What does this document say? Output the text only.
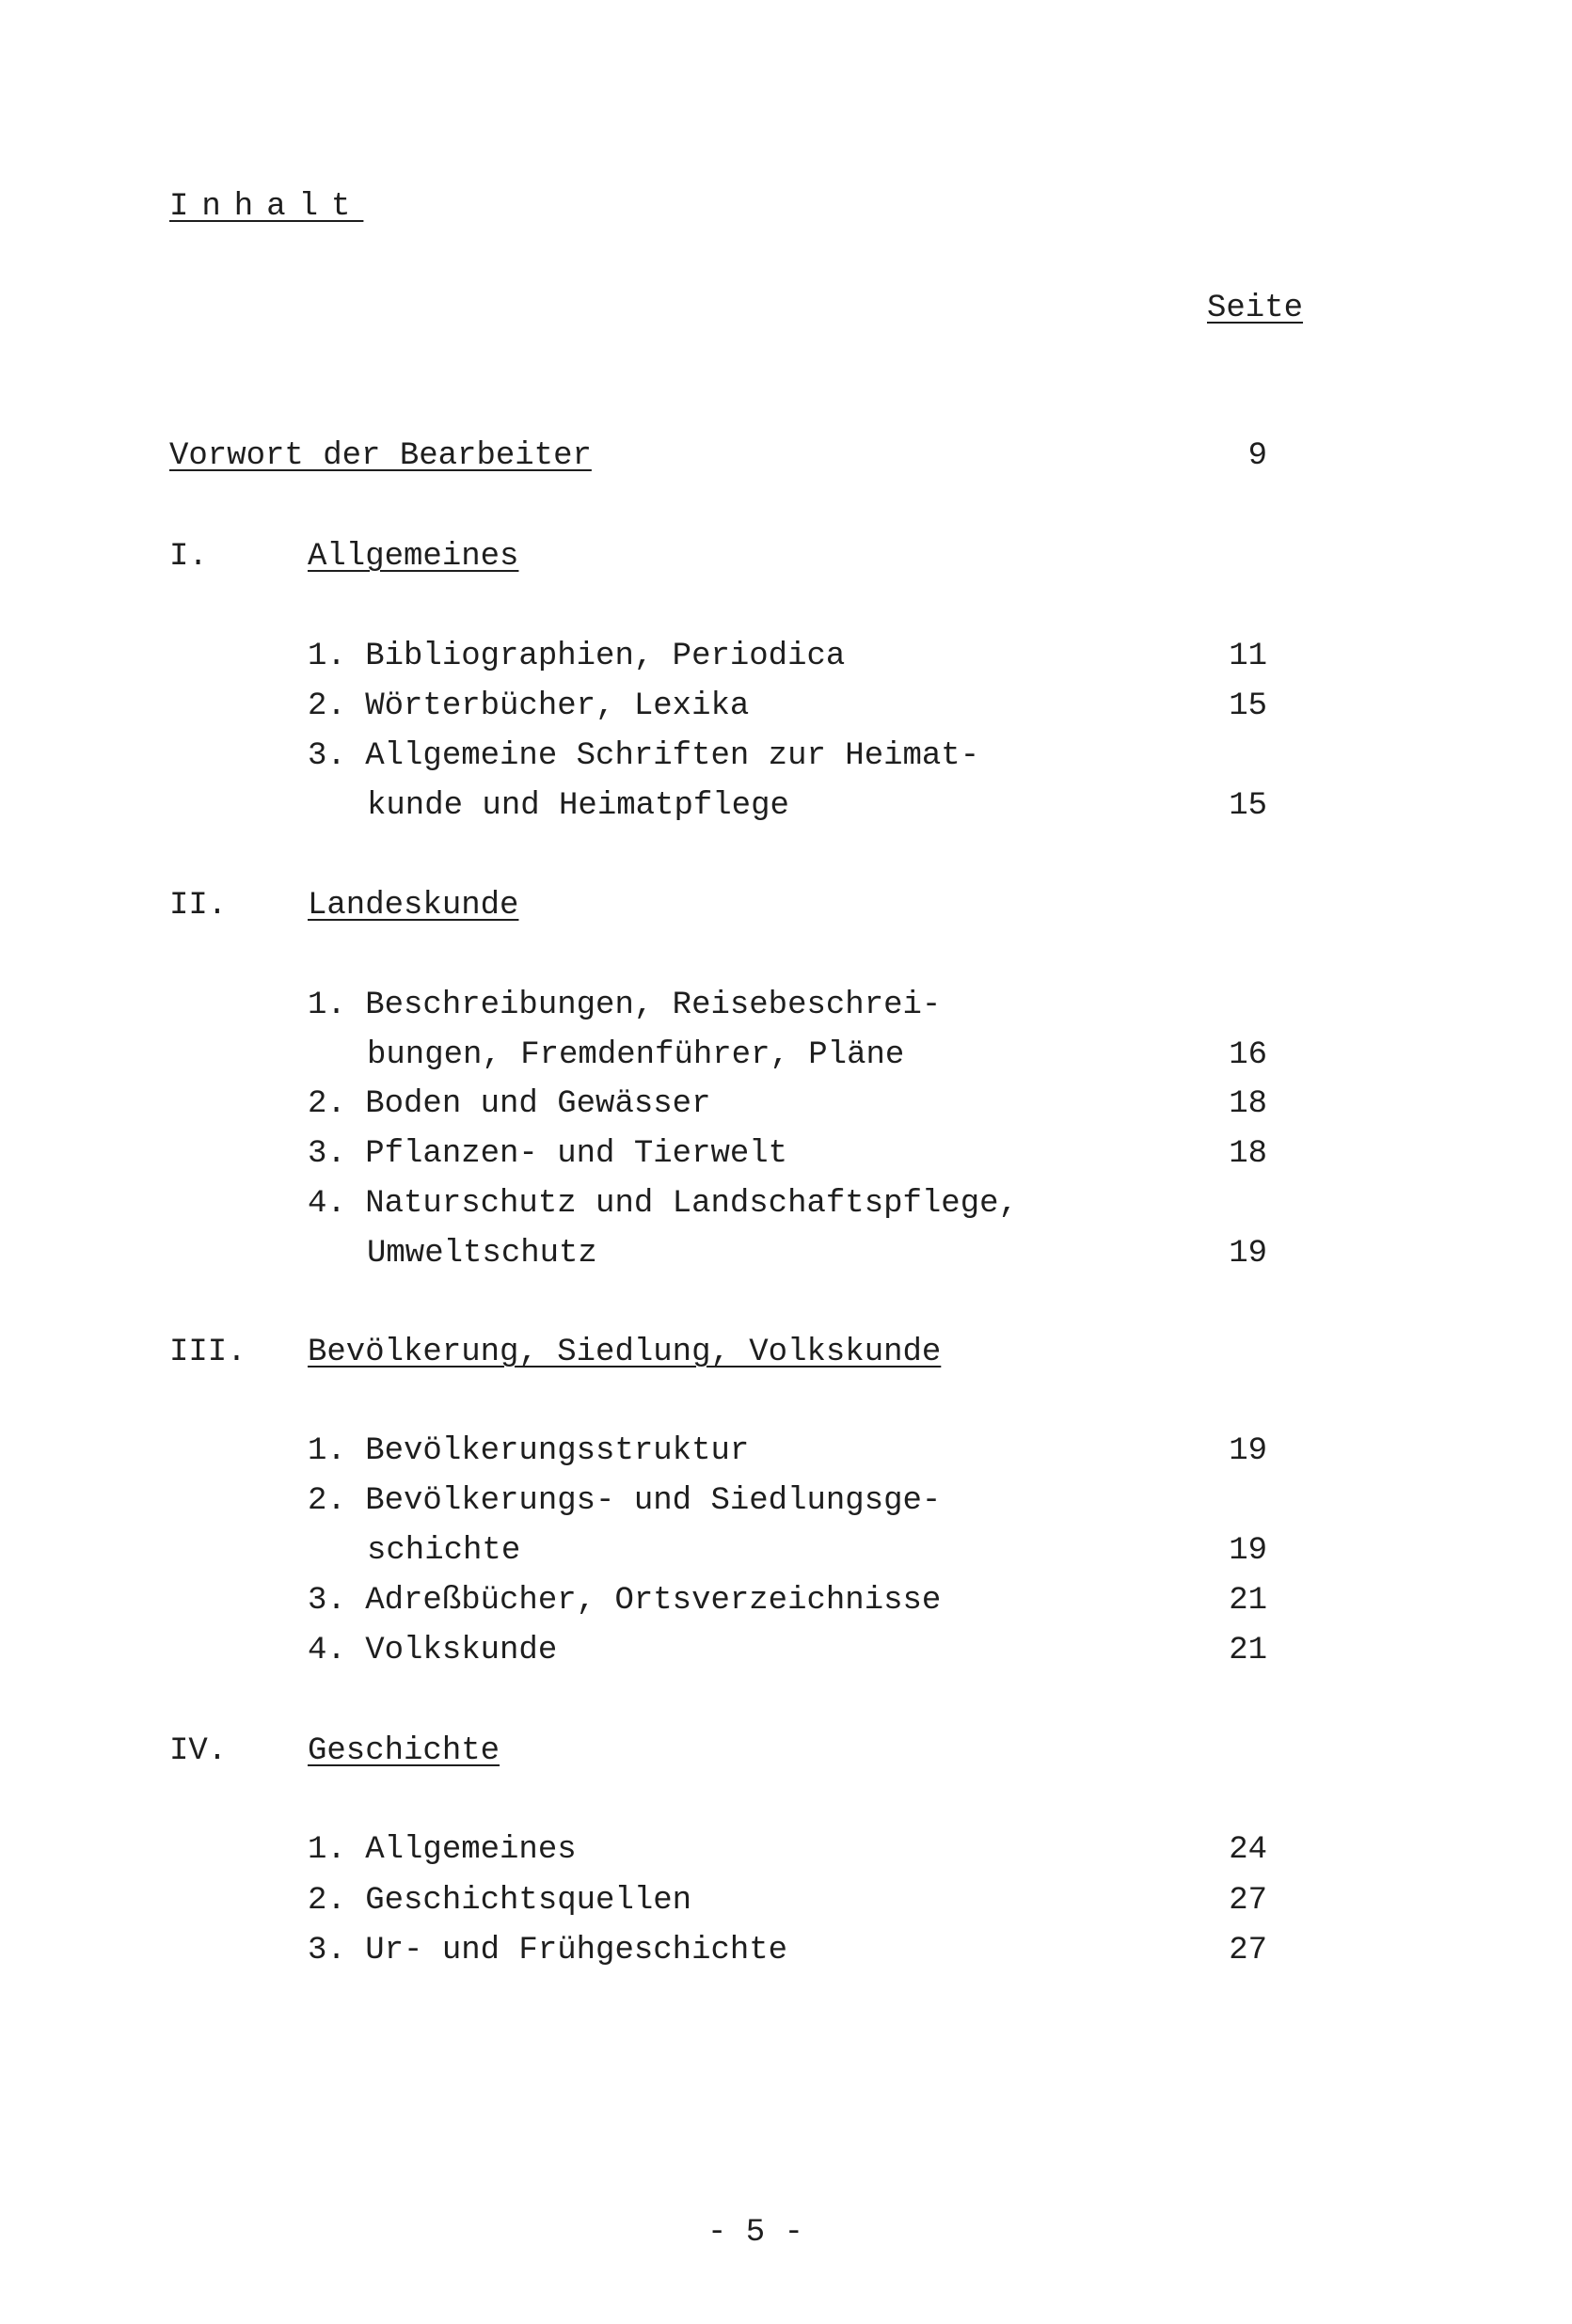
Inhalt
Seite
Vorwort der Bearbeiter	9
I.	Allgemeines
1. Bibliographien, Periodica	11
2. Wörterbücher, Lexika	15
3. Allgemeine Schriften zur Heimat-
kunde und Heimatpflege	15
II.	Landeskunde
1. Beschreibungen, Reisebeschrei-
bungen, Fremdenführer, Pläne	16
2. Boden und Gewässer	18
3. Pflanzen- und Tierwelt	18
4. Naturschutz und Landschaftspflege,
Umweltschutz	19
III. Bevölkerung, Siedlung, Volkskunde
1. Bevölkerungsstruktur	19
2. Bevölkerungs- und Siedlungsge-
schichte	19
3. Adreßbücher, Ortsverzeichnisse	21
4. Volkskunde	21
IV.	Geschichte
1. Allgemeines	24
2. Geschichtsquellen	27
3. Ur- und Frühgeschichte	27
- 5 -
